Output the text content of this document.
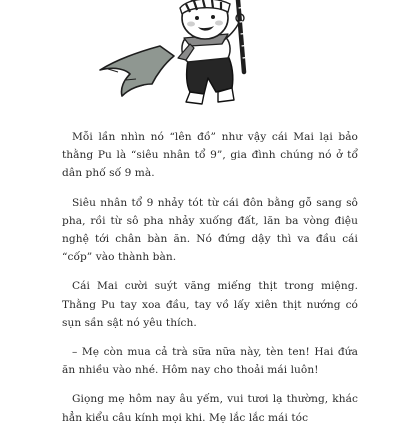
Mỗi lần nhìn nó “lên đồ” như vậy cái Mai lại bảo thằng Pu là “siêu nhân tổ 9”, gia đình chúng nó ở tổ dân phố số 9 mà.

Siêu nhân tổ 9 nhảy tót từ cái đôn bằng gỗ sang sô pha, rồi từ sô pha nhảy xuống đất, lăn ba vòng điệu nghệ tới chân bàn ăn. Nó đứng dậy thì va đầu cái “cốp” vào thành bàn.

Cái Mai cười suýt văng miếng thịt trong miệng. Thằng Pu tay xoa đầu, tay vồ lấy xiên thịt nướng có sụn sần sật nó yêu thích.

– Mẹ còn mua cả trà sữa nữa này, tèn ten! Hai đứa ăn nhiều vào nhé. Hôm nay cho thoải mái luôn!

Giọng mẹ hôm nay âu yếm, vui tươi lạ thường, khác hẳn kiểu câu kính mọi khi. Mẹ lắc lắc mái tóc
